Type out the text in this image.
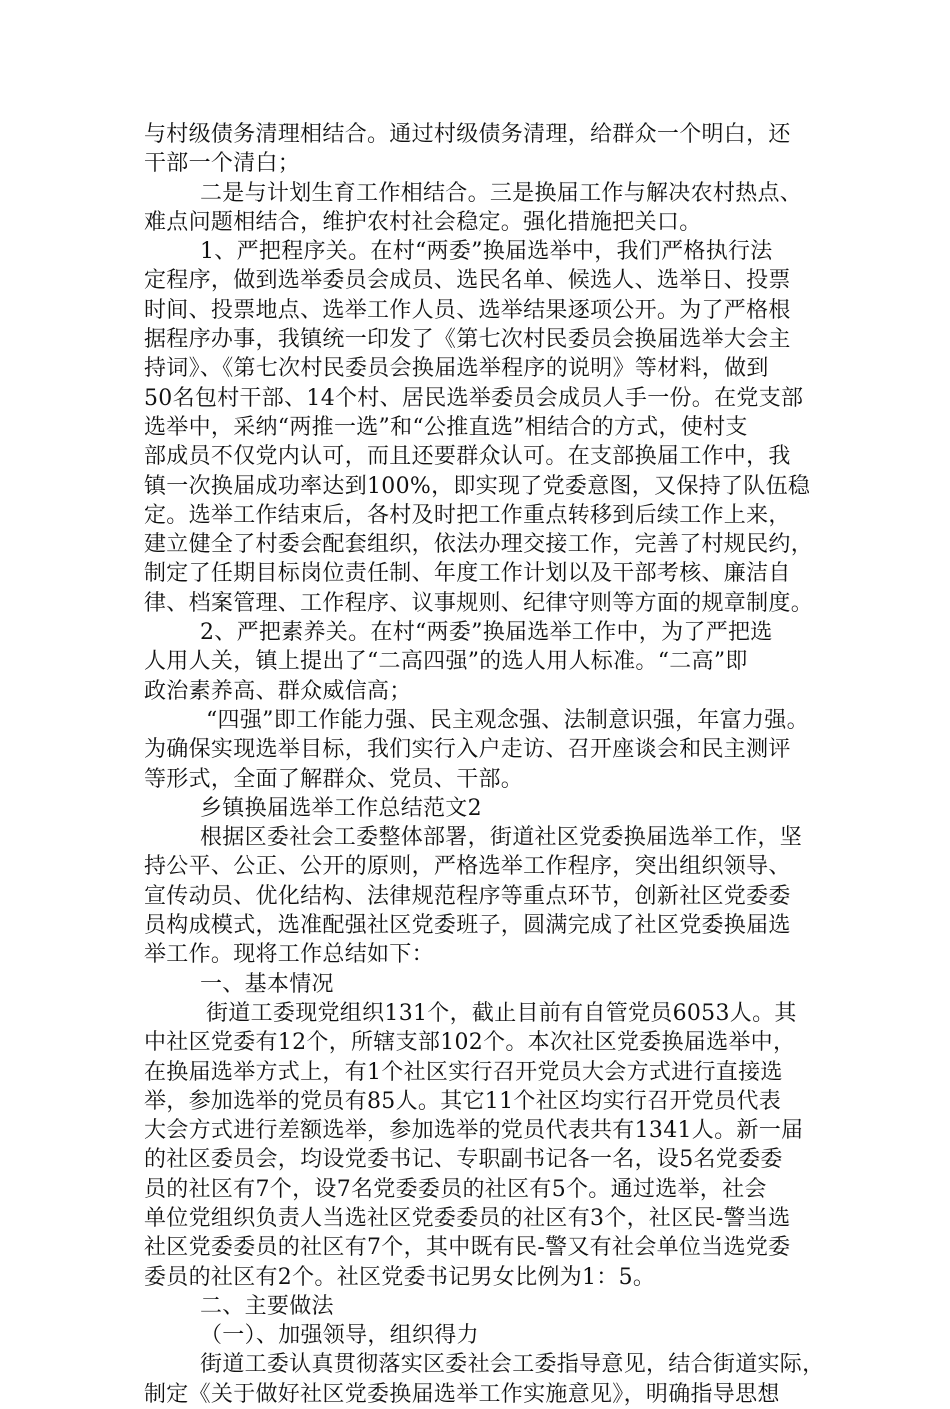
与村级债务清理相结合。通过村级债务清理，给群众一个明白，还
干部一个清白；
二是与计划生育工作相结合。三是换届工作与解决农村热点、
难点问题相结合，维护农村社会稳定。强化措施把关口。
1、严把程序关。在村“两委”换届选举中，我们严格执行法
定程序，做到选举委员会成员、选民名单、候选人、选举日、投票
时间、投票地点、选举工作人员、选举结果逐项公开。为了严格根
据程序办事，我镇统一印发了《第七次村民委员会换届选举大会主
持词》、《第七次村民委员会换届选举程序的说明》等材料，做到
50名包村干部、14个村、居民选举委员会成员人手一份。在党支部
选举中，采纳“两推一选”和“公推直选”相结合的方式，使村支
部成员不仅党内认可，而且还要群众认可。在支部换届工作中，我
镇一次换届成功率达到100%，即实现了党委意图，又保持了队伍稳
定。选举工作结束后，各村及时把工作重点转移到后续工作上来，
建立健全了村委会配套组织，依法办理交接工作，完善了村规民约，
制定了任期目标岗位责任制、年度工作计划以及干部考核、廉洁自
律、档案管理、工作程序、议事规则、纪律守则等方面的规章制度。
2、严把素养关。在村“两委”换届选举工作中，为了严把选
人用人关，镇上提出了“二高四强”的选人用人标准。“二高”即
政治素养高、群众威信高；
“四强”即工作能力强、民主观念强、法制意识强，年富力强。
为确保实现选举目标，我们实行入户走访、召开座谈会和民主测评
等形式，全面了解群众、党员、干部。
乡镇换届选举工作总结范文2
根据区委社会工委整体部署，街道社区党委换届选举工作，坚
持公平、公正、公开的原则，严格选举工作程序，突出组织领导、
宣传动员、优化结构、法律规范程序等重点环节，创新社区党委委
员构成模式，选准配强社区党委班子，圆满完成了社区党委换届选
举工作。现将工作总结如下：
一、基本情况
街道工委现党组织131个，截止目前有自管党员6053人。其
中社区党委有12个，所辖支部102个。本次社区党委换届选举中，
在换届选举方式上，有1个社区实行召开党员大会方式进行直接选
举，参加选举的党员有85人。其它11个社区均实行召开党员代表
大会方式进行差额选举，参加选举的党员代表共有1341人。新一届
的社区委员会，均设党委书记、专职副书记各一名，设5名党委委
员的社区有7个，设7名党委委员的社区有5个。通过选举，社会
单位党组织负责人当选社区党委委员的社区有3个，社区民-警当选
社区党委委员的社区有7个，其中既有民-警又有社会单位当选党委
委员的社区有2个。社区党委书记男女比例为1：5。
二、主要做法
（一）、加强领导，组织得力
街道工委认真贯彻落实区委社会工委指导意见，结合街道实际，
制定《关于做好社区党委换届选举工作实施意见》，明确指导思想
